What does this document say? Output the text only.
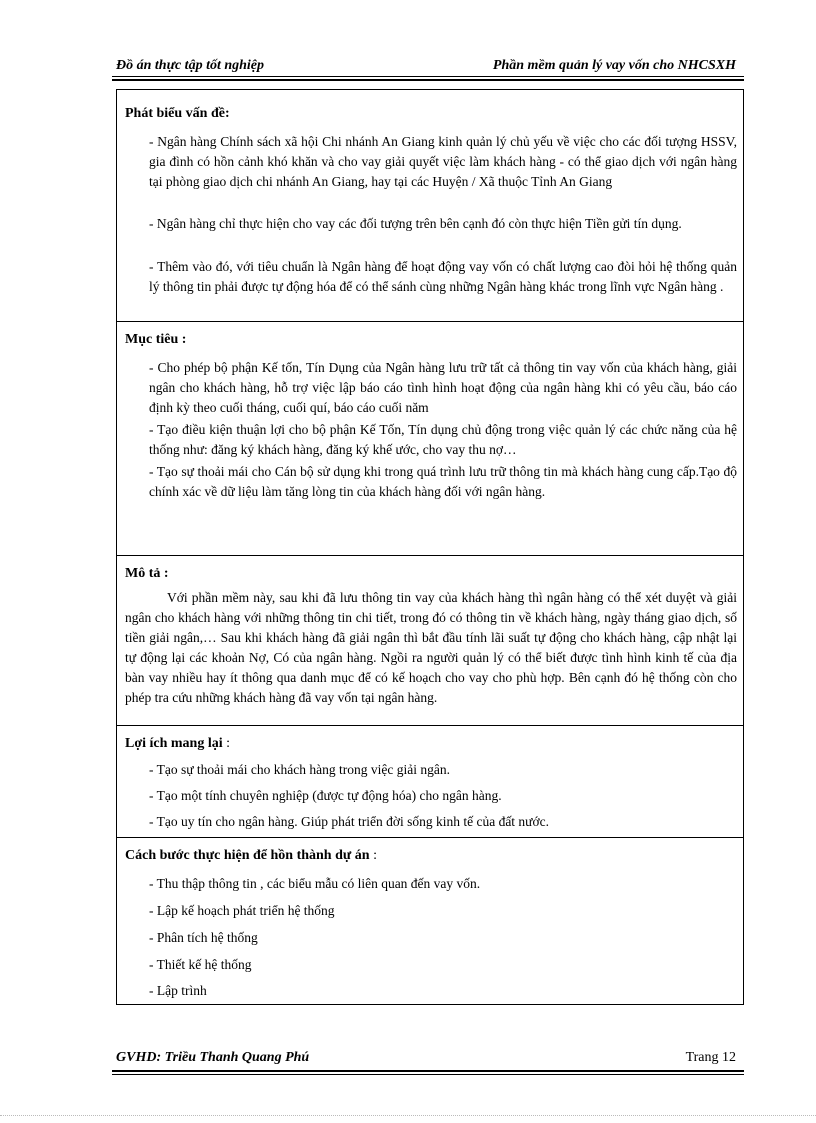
Đồ án thực tập tốt nghiệp	Phần mềm quản lý vay vốn cho NHCSXH
Phát biểu vấn đề:

- Ngân hàng Chính sách xã hội Chi nhánh An Giang kinh quản lý chủ yếu về việc cho các đối tượng HSSV, gia đình có hồn cảnh khó khăn và cho vay giải quyết việc làm khách hàng - có thể giao dịch với ngân hàng tại phòng giao dịch chi nhánh An Giang, hay tại các Huyện / Xã thuộc Tỉnh An Giang

- Ngân hàng chỉ thực hiện cho vay các đối tượng trên bên cạnh đó còn thực hiện Tiền gửi tín dụng.

- Thêm vào đó, với tiêu chuẩn là Ngân hàng để hoạt động vay vốn có chất lượng cao đòi hỏi hệ thống quản lý thông tin phải được tự động hóa để có thể sánh cùng những Ngân hàng khác trong lĩnh vực Ngân hàng .

Mục tiêu :

- Cho phép bộ phận Kế tốn, Tín Dụng của Ngân hàng lưu trữ tất cả thông tin vay vốn của khách hàng, giải ngân cho khách hàng, hỗ trợ việc lập báo cáo tình hình hoạt động của ngân hàng khi có yêu cầu, báo cáo định kỳ theo cuối tháng, cuối quí, báo cáo cuối năm

- Tạo điều kiện thuận lợi cho bộ phận Kế Tốn, Tín dụng chủ động trong việc quản lý các chức năng của hệ thống như: đăng ký khách hàng, đăng ký khế ước, cho vay thu nợ…

- Tạo sự thoải mái cho Cán bộ sử dụng khi trong quá trình lưu trữ thông tin mà khách hàng cung cấp.Tạo độ chính xác về dữ liệu làm tăng lòng tin của khách hàng đối với ngân hàng.

Mô tả :

Với phần mềm này, sau khi đã lưu thông tin vay của khách hàng thì ngân hàng có thể xét duyệt và giải ngân cho khách hàng với những thông tin chi tiết, trong đó có thông tin về khách hàng, ngày tháng giao dịch, số tiền giải ngân,… Sau khi khách hàng đã giải ngân thì bắt đầu tính lãi suất tự động cho khách hàng, cập nhật lại tự động lại các khoản Nợ, Có của ngân hàng. Ngồi ra người quản lý có thể biết được tình hình kinh tế của địa bàn vay nhiều hay ít thông qua danh mục để có kế hoạch cho vay cho phù hợp. Bên cạnh đó hệ thống còn cho phép tra cứu những khách hàng đã vay vốn tại ngân hàng.

Lợi ích mang lại :

- Tạo sự thoải mái cho khách hàng trong việc giải ngân.

- Tạo một tính chuyên nghiệp (được tự động hóa) cho ngân hàng.

- Tạo uy tín cho ngân hàng. Giúp phát triển đời sống kinh tế của đất nước.

Cách bước thực hiện để hồn thành dự án :

- Thu thập thông tin , các biểu mẫu có liên quan đến vay vốn.

- Lập kế hoạch phát triển hệ thống

- Phân tích hệ thống

- Thiết kế hệ thống

- Lập trình

GVHD: Triều Thanh Quang Phú	Trang 12
